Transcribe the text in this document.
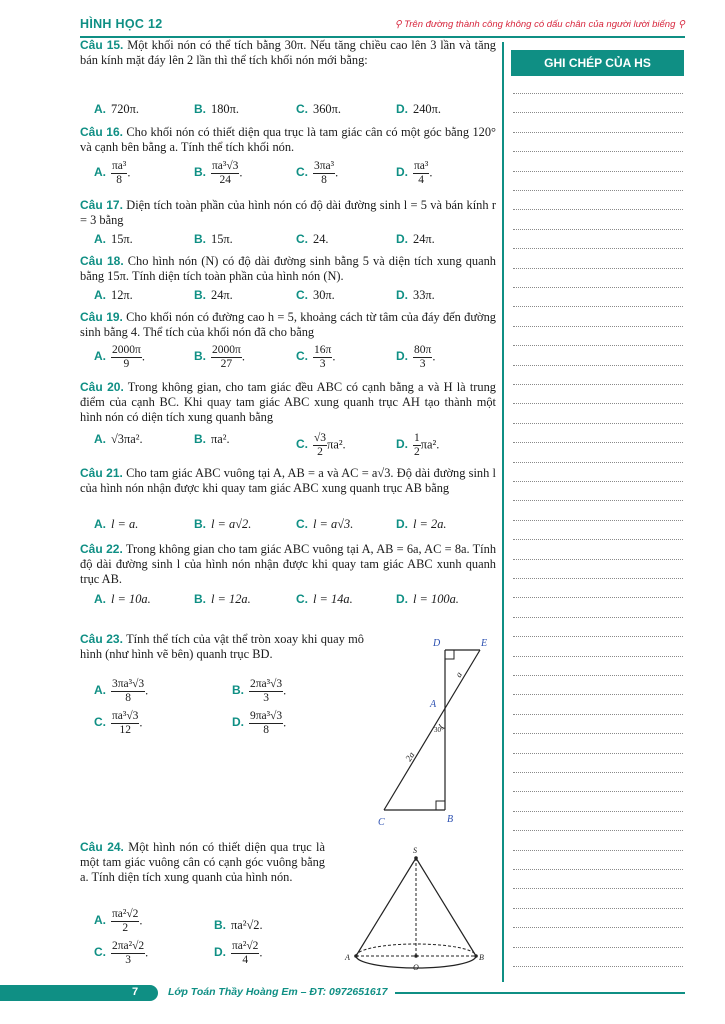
HÌNH HỌC 12	⚲ Trên đường thành công không có dấu chân của người lười biếng ⚲
GHI CHÉP CỦA HS
Câu 15. Một khối nón có thể tích bằng 30π. Nếu tăng chiều cao lên 3 lần và tăng bán kính mặt đáy lên 2 lần thì thể tích khối nón mới bằng:
A. 720π.	B. 180π.	C. 360π.	D. 240π.
Câu 16. Cho khối nón có thiết diện qua trục là tam giác cân có một góc bằng 120° và cạnh bên bằng a. Tính thể tích khối nón.
A. $\frac{\text{πa³}}{8}$ .	B. $\frac{\text{πa³√3}}{24}$ .	C. $\frac{\text{3πa³}}{8}$ .	D. $\frac{\text{πa³}}{4}$ .
Câu 17. Diện tích toàn phần của hình nón có độ dài đường sinh l = 5 và bán kính r = 3 bằng
A. 15π.	B. 15π.	C. 24.	D. 24π.
Câu 18. Cho hình nón (N) có độ dài đường sinh bằng 5 và diện tích xung quanh bằng 15π. Tính diện tích toàn phần của hình nón (N).
A. 12π.	B. 24π.	C. 30π.	D. 33π.
Câu 19. Cho khối nón có đường cao h = 5, khoảng cách từ tâm của đáy đến đường sinh bằng 4. Thể tích của khối nón đã cho bằng
A. $\frac{2000\pi}{9}$ .	B. $\frac{2000\pi}{27}$ .	C. $\frac{16\pi}{3}$ .	D. $\frac{80\pi}{3}$ .
Câu 20. Trong không gian, cho tam giác đều ABC có cạnh bằng a và H là trung điểm của cạnh BC. Khi quay tam giác ABC xung quanh trục AH tạo thành một hình nón có diện tích xung quanh bằng
A. √3πa².	B. πa².	C. $\frac{√3}{2} \pi a^2$.	D. $\frac{1}{2} \pi a^2$.
Câu 21. Cho tam giác ABC vuông tại A, AB = a và AC = a√3. Độ dài đường sinh l của hình nón nhận được khi quay tam giác ABC xung quanh trục AB bằng
A. l = a.	B. l = a√2.	C. l = a√3.	D. l = 2a.
Câu 22. Trong không gian cho tam giác ABC vuông tại A, AB = 6a, AC = 8a. Tính độ dài đường sinh l của hình nón nhận được khi quay tam giác ABC xunh quanh trục AB.
A. l = 10a.	B. l = 12a.	C. l = 14a.	D. l = 100a.
Câu 23. Tính thể tích của vật thể tròn xoay khi quay mô hình (như hình vẽ bên) quanh trục BD.
A. $\frac{\text{3πa³√3}}{8}$ .	B. $\frac{\text{2πa³√3}}{3}$ .
C. $\frac{\text{πa³√3}}{12}$ .	D. $\frac{\text{9πa³√3}}{8}$ .
Câu 24. Một hình nón có thiết diện qua trục là một tam giác vuông cân có cạnh góc vuông bằng a. Tính diện tích xung quanh của hình nón.
A. $\frac{\text{πa²√2}}{2}$ .	B. πa²√2.
C. $\frac{\text{2πa²√2}}{3}$ .	D. $\frac{\text{πa²√2}}{4}$ .
D	E
A
C	B
a
2a
30°
S
A	B
O
7	Lớp Toán Thầy Hoàng Em – ĐT: 0972651617
